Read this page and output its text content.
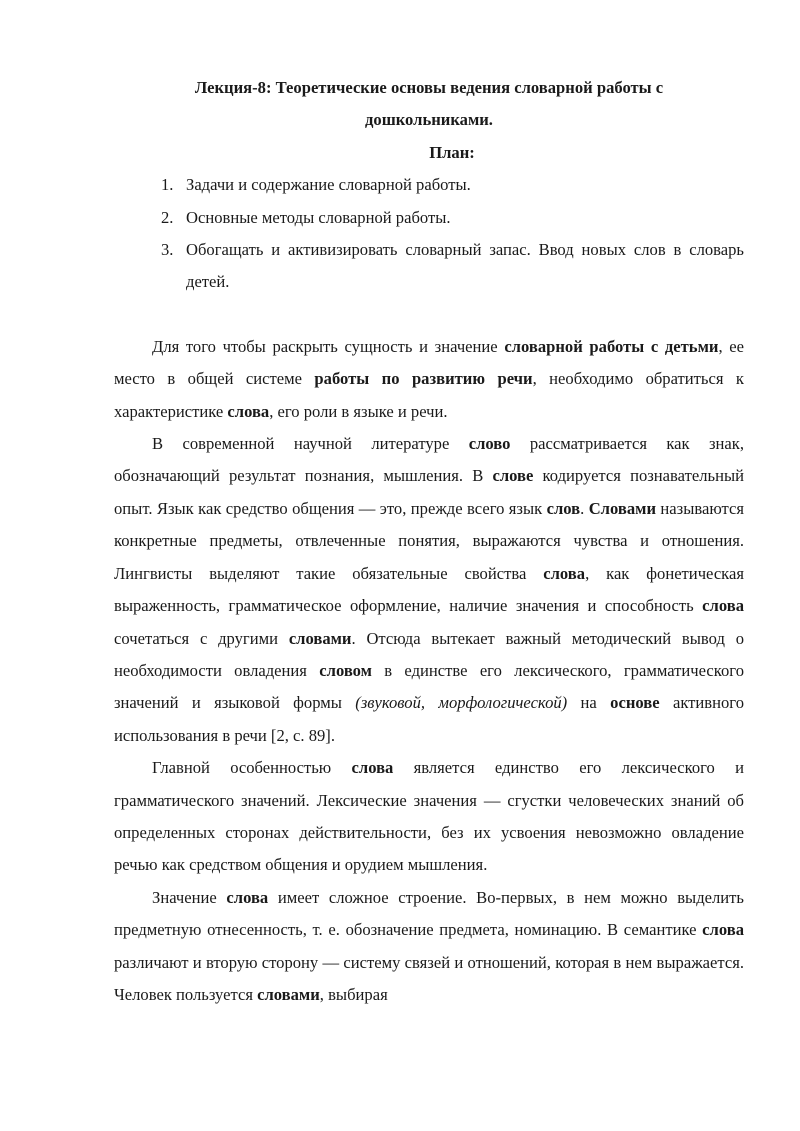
Лекция-8: Теоретические основы ведения словарной работы с
дошкольниками.

План:

1. Задачи и содержание словарной работы.
2. Основные методы словарной работы.
3. Обогащать и активизировать словарный запас. Ввод новых слов в словарь детей.

Для того чтобы раскрыть сущность и значение словарной работы с детьми, ее место в общей системе работы по развитию речи, необходимо обратиться к характеристике слова, его роли в языке и речи.

В современной научной литературе слово рассматривается как знак, обозначающий результат познания, мышления. В слове кодируется познавательный опыт. Язык как средство общения — это, прежде всего язык слов. Словами называются конкретные предметы, отвлеченные понятия, выражаются чувства и отношения. Лингвисты выделяют такие обязательные свойства слова, как фонетическая выраженность, грамматическое оформление, наличие значения и способность слова сочетаться с другими словами. Отсюда вытекает важный методический вывод о необходимости овладения словом в единстве его лексического, грамматического значений и языковой формы (звуковой, морфологической) на основе активного использования в речи [2, с. 89].

Главной особенностью слова является единство его лексического и грамматического значений. Лексические значения — сгустки человеческих знаний об определенных сторонах действительности, без их усвоения невозможно овладение речью как средством общения и орудием мышления.

Значение слова имеет сложное строение. Во-первых, в нем можно выделить предметную отнесенность, т. е. обозначение предмета, номинацию. В семантике слова различают и вторую сторону — систему связей и отношений, которая в нем выражается. Человек пользуется словами, выбирая
